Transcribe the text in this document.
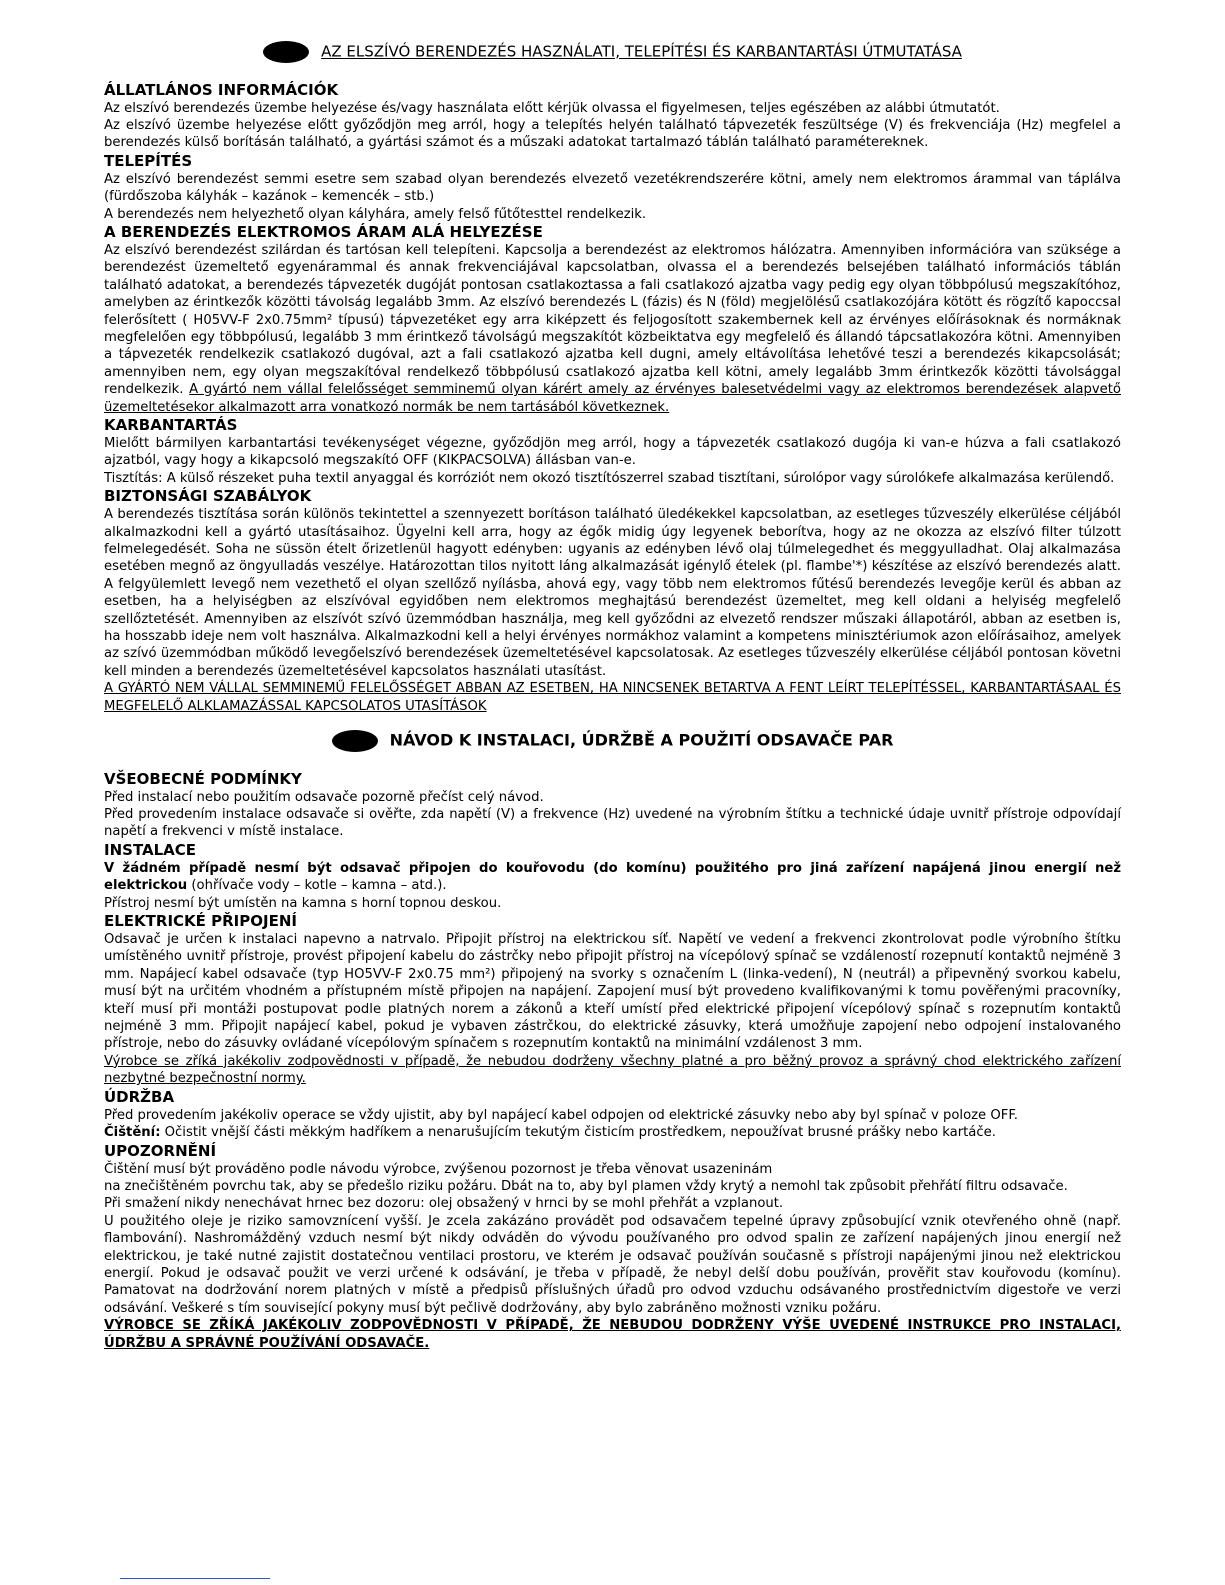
AZ ELSZÍVÓ BERENDEZÉS HASZNÁLATI, TELEPÍTÉSI ÉS KARBANTARTÁSI ÚTMUTATÁSA
ÁLLATLÁNOS INFORMÁCIÓK

Az elszívó berendezés üzembe helyezése és/vagy használata előtt kérjük olvassa el figyelmesen, teljes egészében az alábbi útmutatót.

Az elszívó üzembe helyezése előtt győződjön meg arról, hogy a telepítés helyén található tápvezeték feszültsége (V) és frekvenciája (Hz) megfelel a berendezés külső borításán található, a gyártási számot és a műszaki adatokat tartalmazó táblán található paramétereknek.

TELEPÍTÉS

Az elszívó berendezést semmi esetre sem szabad olyan berendezés elvezető vezetékrendszerére kötni, amely nem elektromos árammal van táplálva (fürdőszoba kályhák – kazánok – kemencék – stb.)

A berendezés nem helyezhető olyan kályhára, amely felső fűtőtesttel rendelkezik.

A BERENDEZÉS ELEKTROMOS ÁRAM ALÁ HELYEZÉSE

Az elszívó berendezést szilárdan és tartósan kell telepíteni. Kapcsolja a berendezést az elektromos hálózatra. Amennyiben információra van szüksége a berendezést üzemeltető egyenárammal és annak frekvenciájával kapcsolatban, olvassa el a berendezés belsejében található információs táblán található adatokat, a berendezés tápvezeték dugóját pontosan csatlakoztassa a fali csatlakozó ajzatba vagy pedig egy olyan többpólusú megszakítóhoz, amelyben az érintkezők közötti távolság legalább 3mm. Az elszívó berendezés L (fázis) és N (föld) megjelölésű csatlakozójára kötött és rögzítő kapoccsal felerősített ( H05VV-F 2x0.75mm² típusú) tápvezetéket egy arra kiképzett és feljogosított szakembernek kell az érvényes előírásoknak és normáknak megfelelően egy többpólusú, legalább 3 mm érintkező távolságú megszakítót közbeiktatva egy megfelelő és állandó tápcsatlakozóra kötni. Amennyiben a tápvezeték rendelkezik csatlakozó dugóval, azt a fali csatlakozó ajzatba kell dugni, amely eltávolítása lehetővé teszi a berendezés kikapcsolását; amennyiben nem, egy olyan megszakítóval rendelkező többpólusú csatlakozó ajzatba kell kötni, amely legalább 3mm érintkezők közötti távolsággal rendelkezik. A gyártó nem vállal felelősséget semminemű olyan kárért amely az érvényes balesetvédelmi vagy az elektromos berendezések alapvető üzemeltetésekor alkalmazott arra vonatkozó normák be nem tartásából következnek.

KARBANTARTÁS

Mielőtt bármilyen karbantartási tevékenységet végezne, győződjön meg arról, hogy a tápvezeték csatlakozó dugója ki van-e húzva a fali csatlakozó ajzatból, vagy hogy a kikapcsoló megszakító OFF (KIKPACSOLVA) állásban van-e.

Tisztítás: A külső részeket puha textil anyaggal és korróziót nem okozó tisztítószerrel szabad tisztítani, súrolópor vagy súrolókefe alkalmazása kerülendő.

BIZTONSÁGI SZABÁLYOK

A berendezés tisztítása során különös tekintettel a szennyezett borításon található üledékekkel kapcsolatban, az esetleges tűzveszély elkerülése céljából alkalmazkodni kell a gyártó utasításaihoz. Ügyelni kell arra, hogy az égők midig úgy legyenek beborítva, hogy az ne okozza az elszívó filter túlzott felmelegedését. Soha ne süssön ételt őrizetlenül hagyott edényben: ugyanis az edényben lévő olaj túlmelegedhet és meggyulladhat. Olaj alkalmazása esetében megnő az öngyulladás veszélye. Határozottan tilos nyitott láng alkalmazását igénylő ételek (pl. flambe'*) készítése az elszívó berendezés alatt. A felgyülemlett levegő nem vezethető el olyan szellőző nyílásba, ahová egy, vagy több nem elektromos fűtésű berendezés levegője kerül és abban az esetben, ha a helyiségben az elszívóval egyidőben nem elektromos meghajtású berendezést üzemeltet, meg kell oldani a helyiség megfelelő szellőztetését. Amennyiben az elszívót szívó üzemmódban használja, meg kell győződni az elvezető rendszer műszaki állapotáról, abban az esetben is, ha hosszabb ideje nem volt használva. Alkalmazkodni kell a helyi érvényes normákhoz valamint a kompetens minisztériumok azon előírásaihoz, amelyek az szívó üzemmódban működő levegőelszívó berendezések üzemeltetésével kapcsolatosak. Az esetleges tűzveszély elkerülése céljából pontosan követni kell minden a berendezés üzemeltetésével kapcsolatos használati utasítást.

A GYÁRTÓ NEM VÁLLAL SEMMINEMŰ FELELŐSSÉGET ABBAN AZ ESETBEN, HA NINCSENEK BETARTVA A FENT LEÍRT TELEPÍTÉSSEL, KARBANTARTÁSAAL ÉS MEGFELELŐ ALKLAMAZÁSSAL KAPCSOLATOS UTASÍTÁSOK

NÁVOD K INSTALACI, ÚDRŽBĚ A POUŽITÍ ODSAVAČE PAR
VŠEOBECNÉ PODMÍNKY

Před instalací nebo použitím odsavače pozorně přečíst celý návod.

Před provedením instalace odsavače si ověřte, zda napětí (V) a frekvence (Hz) uvedené na výrobním štítku a technické údaje uvnitř přístroje odpovídají napětí a frekvenci v místě instalace.

INSTALACE

V žádném případě nesmí být odsavač připojen do kouřovodu (do komínu) použitého pro jiná zařízení napájená jinou energií než elektrickou (ohřívače vody – kotle – kamna – atd.).

Přístroj nesmí být umístěn na kamna s horní topnou deskou.

ELEKTRICKÉ PŘIPOJENÍ

Odsavač je určen k instalaci napevno a natrvalo. Připojit přístroj na elektrickou síť. Napětí ve vedení a frekvenci zkontrolovat podle výrobního štítku umístěného uvnitř přístroje, provést připojení kabelu do zástrčky nebo připojit přístroj na vícepólový spínač se vzdáleností rozepnutí kontaktů nejméně 3 mm. Napájecí kabel odsavače (typ HO5VV-F 2x0.75 mm²) připojený na svorky s označením L (linka-vedení), N (neutrál) a připevněný svorkou kabelu, musí být na určitém vhodném a přístupném místě připojen na napájení. Zapojení musí být provedeno kvalifikovanými k tomu pověřenými pracovníky, kteří musí při montáži postupovat podle platných norem a zákonů a kteří umístí před elektrické připojení vícepólový spínač s rozepnutím kontaktů nejméně 3 mm. Připojit napájecí kabel, pokud je vybaven zástrčkou, do elektrické zásuvky, která umožňuje zapojení nebo odpojení instalovaného přístroje, nebo do zásuvky ovládané vícepólovým spínačem s rozepnutím kontaktů na minimální vzdálenost 3 mm.

Výrobce se zříká jakékoliv zodpovědnosti v případě, že nebudou dodrženy všechny platné a pro běžný provoz a správný chod elektrického zařízení nezbytné bezpečnostní normy.

ÚDRŽBA

Před provedením jakékoliv operace se vždy ujistit, aby byl napájecí kabel odpojen od elektrické zásuvky nebo aby byl spínač v poloze OFF.

Čištění: Očistit vnější části měkkým hadříkem a nenarušujícím tekutým čisticím prostředkem, nepoužívat brusné prášky nebo kartáče.

UPOZORNĚNÍ

Čištění musí být prováděno podle návodu výrobce, zvýšenou pozornost je třeba věnovat usazeninám

na znečištěném povrchu tak, aby se předešlo riziku požáru. Dbát na to, aby byl plamen vždy krytý a nemohl tak způsobit přehřátí filtru odsavače.

Při smažení nikdy nenechávat hrnec bez dozoru: olej obsažený v hrnci by se mohl přehřát a vzplanout.

U použitého oleje je riziko samovznícení vyšší. Je zcela zakázáno provádět pod odsavačem tepelné úpravy způsobující vznik otevřeného ohně (např. flambování). Nashromážděný vzduch nesmí být nikdy odváděn do vývodu používaného pro odvod spalin ze zařízení napájených jinou energií než elektrickou, je také nutné zajistit dostatečnou ventilaci prostoru, ve kterém je odsavač používán současně s přístroji napájenými jinou než elektrickou energií. Pokud je odsavač použit ve verzi určené k odsávání, je třeba v případě, že nebyl delší dobu používán, prověřit stav kouřovodu (komínu). Pamatovat na dodržování norem platných v místě a předpisů příslušných úřadů pro odvod vzduchu odsávaného prostřednictvím digestoře ve verzi odsávání. Veškeré s tím související pokyny musí být pečlivě dodržovány, aby bylo zabráněno možnosti vzniku požáru.

VÝROBCE SE ZŘÍKÁ JAKÉKOLIV ZODPOVĚDNOSTI V PŘÍPADĚ, ŽE NEBUDOU DODRŽENY VÝŠE UVEDENÉ INSTRUKCE PRO INSTALACI, ÚDRŽBU A SPRÁVNÉ POUŽÍVÁNÍ ODSAVAČE.
